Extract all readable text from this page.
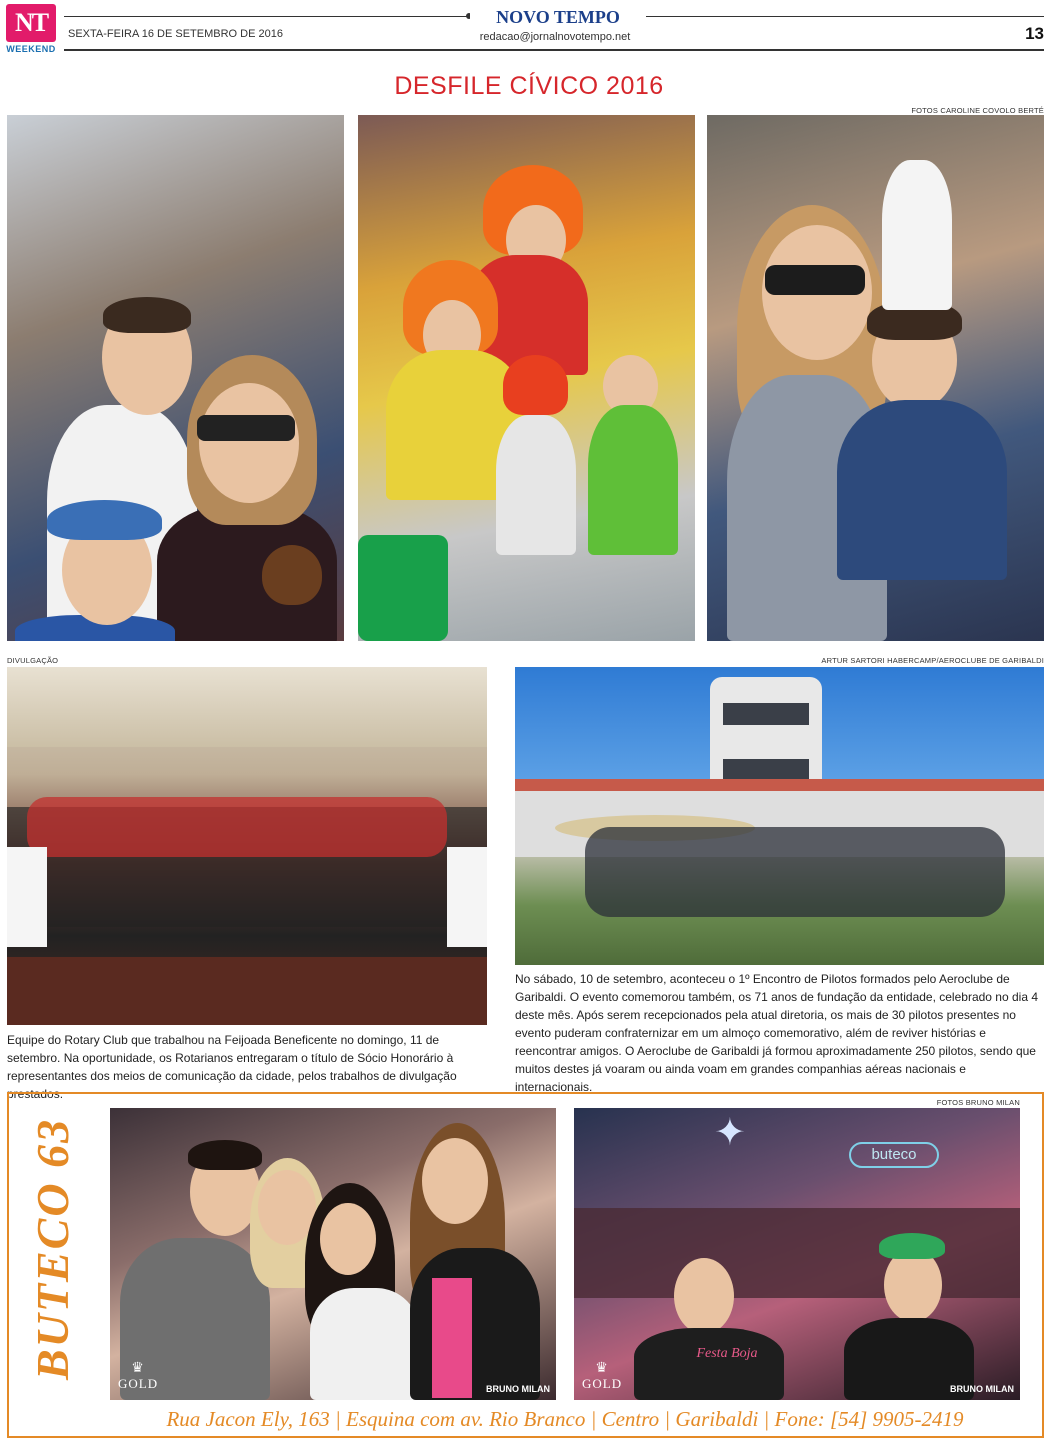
NT
WEEKEND
NOVO TEMPO
SEXTA-FEIRA 16 DE SETEMBRO DE 2016	redacao@jornalnovotempo.net	13
DESFILE CÍVICO 2016
FOTOS CAROLINE COVOLO BERTÉ
DIVULGAÇÃO
Equipe do Rotary Club que trabalhou na Feijoada Beneficente no domingo, 11 de setembro. Na oportunidade, os Rotarianos entregaram o título de Sócio Honorário à representantes dos meios de comunicação da cidade, pelos trabalhos de divulgação prestados.
ARTUR SARTORI HABERCAMP/AEROCLUBE DE GARIBALDI
No sábado, 10 de setembro, aconteceu o 1º Encontro de Pilotos formados pelo Aeroclube de Garibaldi. O evento comemorou também, os 71 anos de fundação da entidade, celebrado no dia 4 deste mês. Após serem recepcionados pela atual diretoria, os mais de 30 pilotos presentes no evento puderam confraternizar em um almoço comemorativo, além de reviver histórias e reencontrar amigos. O Aeroclube de Garibaldi já formou aproximadamente 250 pilotos, sendo que muitos destes já voaram ou ainda voam em grandes companhias aéreas nacionais e internacionais.
BUTECO 63
FOTOS BRUNO MILAN
♛
GOLD	BRUNO MILAN
✦
buteco
Festa Boja
♛
GOLD	BRUNO MILAN
Rua Jacon Ely, 163 | Esquina com av. Rio Branco | Centro | Garibaldi | Fone: [54] 9905-2419
